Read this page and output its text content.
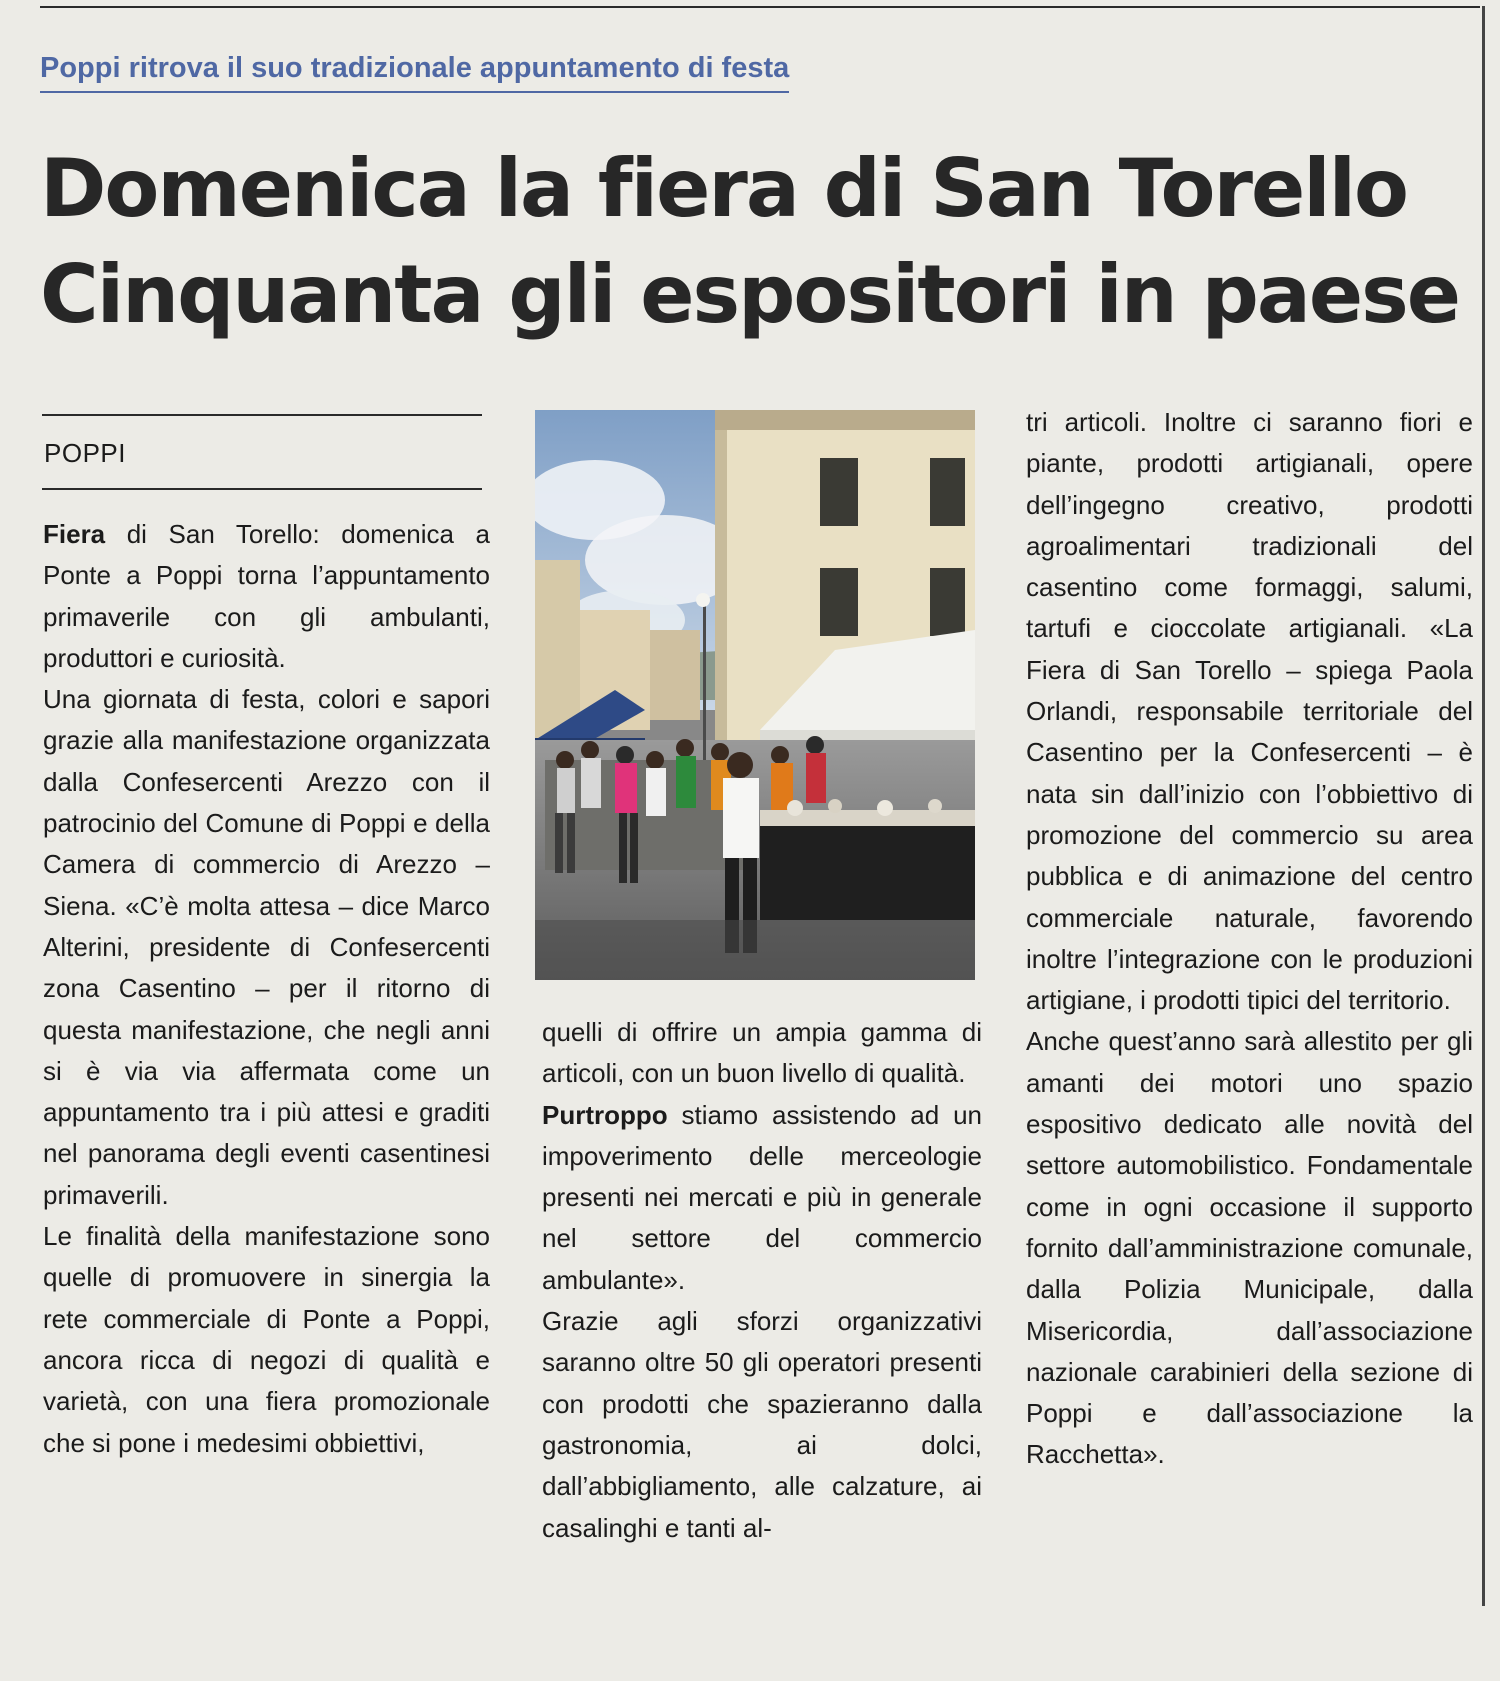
Poppi ritrova il suo tradizionale appuntamento di festa
Domenica la fiera di San Torello
Cinquanta gli espositori in paese
POPPI

Fiera di San Torello: domenica a Ponte a Poppi torna l’appuntamento primaverile con gli ambulanti, produttori e curiosità.

Una giornata di festa, colori e sapori grazie alla manifestazione organizzata dalla Confesercenti Arezzo con il patrocinio del Comune di Poppi e della Camera di commercio di Arezzo – Siena. «C’è molta attesa – dice Marco Alterini, presidente di Confesercenti zona Casentino – per il ritorno di questa manifestazione, che negli anni si è via via affermata come un appuntamento tra i più attesi e graditi nel panorama degli eventi casentinesi primaverili.

Le finalità della manifestazione sono quelle di promuovere in sinergia la rete commerciale di Ponte a Poppi, ancora ricca di negozi di qualità e varietà, con una fiera promozionale che si pone i medesimi obbiettivi,

quelli di offrire un ampia gamma di articoli, con un buon livello di qualità.

Purtroppo stiamo assistendo ad un impoverimento delle merceologie presenti nei mercati e più in generale nel settore del commercio ambulante».

Grazie agli sforzi organizzativi saranno oltre 50 gli operatori presenti con prodotti che spazieranno dalla gastronomia, ai dolci, dall’abbigliamento, alle calzature, ai casalinghi e tanti al-

tri articoli. Inoltre ci saranno fiori e piante, prodotti artigianali, opere dell’ingegno creativo, prodotti agroalimentari tradizionali del casentino come formaggi, salumi, tartufi e cioccolate artigianali. «La Fiera di San Torello – spiega Paola Orlandi, responsabile territoriale del Casentino per la Confesercenti – è nata sin dall’inizio con l’obbiettivo di promozione del commercio su area pubblica e di animazione del centro commerciale naturale, favorendo inoltre l’integrazione con le produzioni artigiane, i prodotti tipici del territorio.

Anche quest’anno sarà allestito per gli amanti dei motori uno spazio espositivo dedicato alle novità del settore automobilistico. Fondamentale come in ogni occasione il supporto fornito dall’amministrazione comunale, dalla Polizia Municipale, dalla Misericordia, dall’associazione nazionale carabinieri della sezione di Poppi e dall’associazione la Racchetta».
